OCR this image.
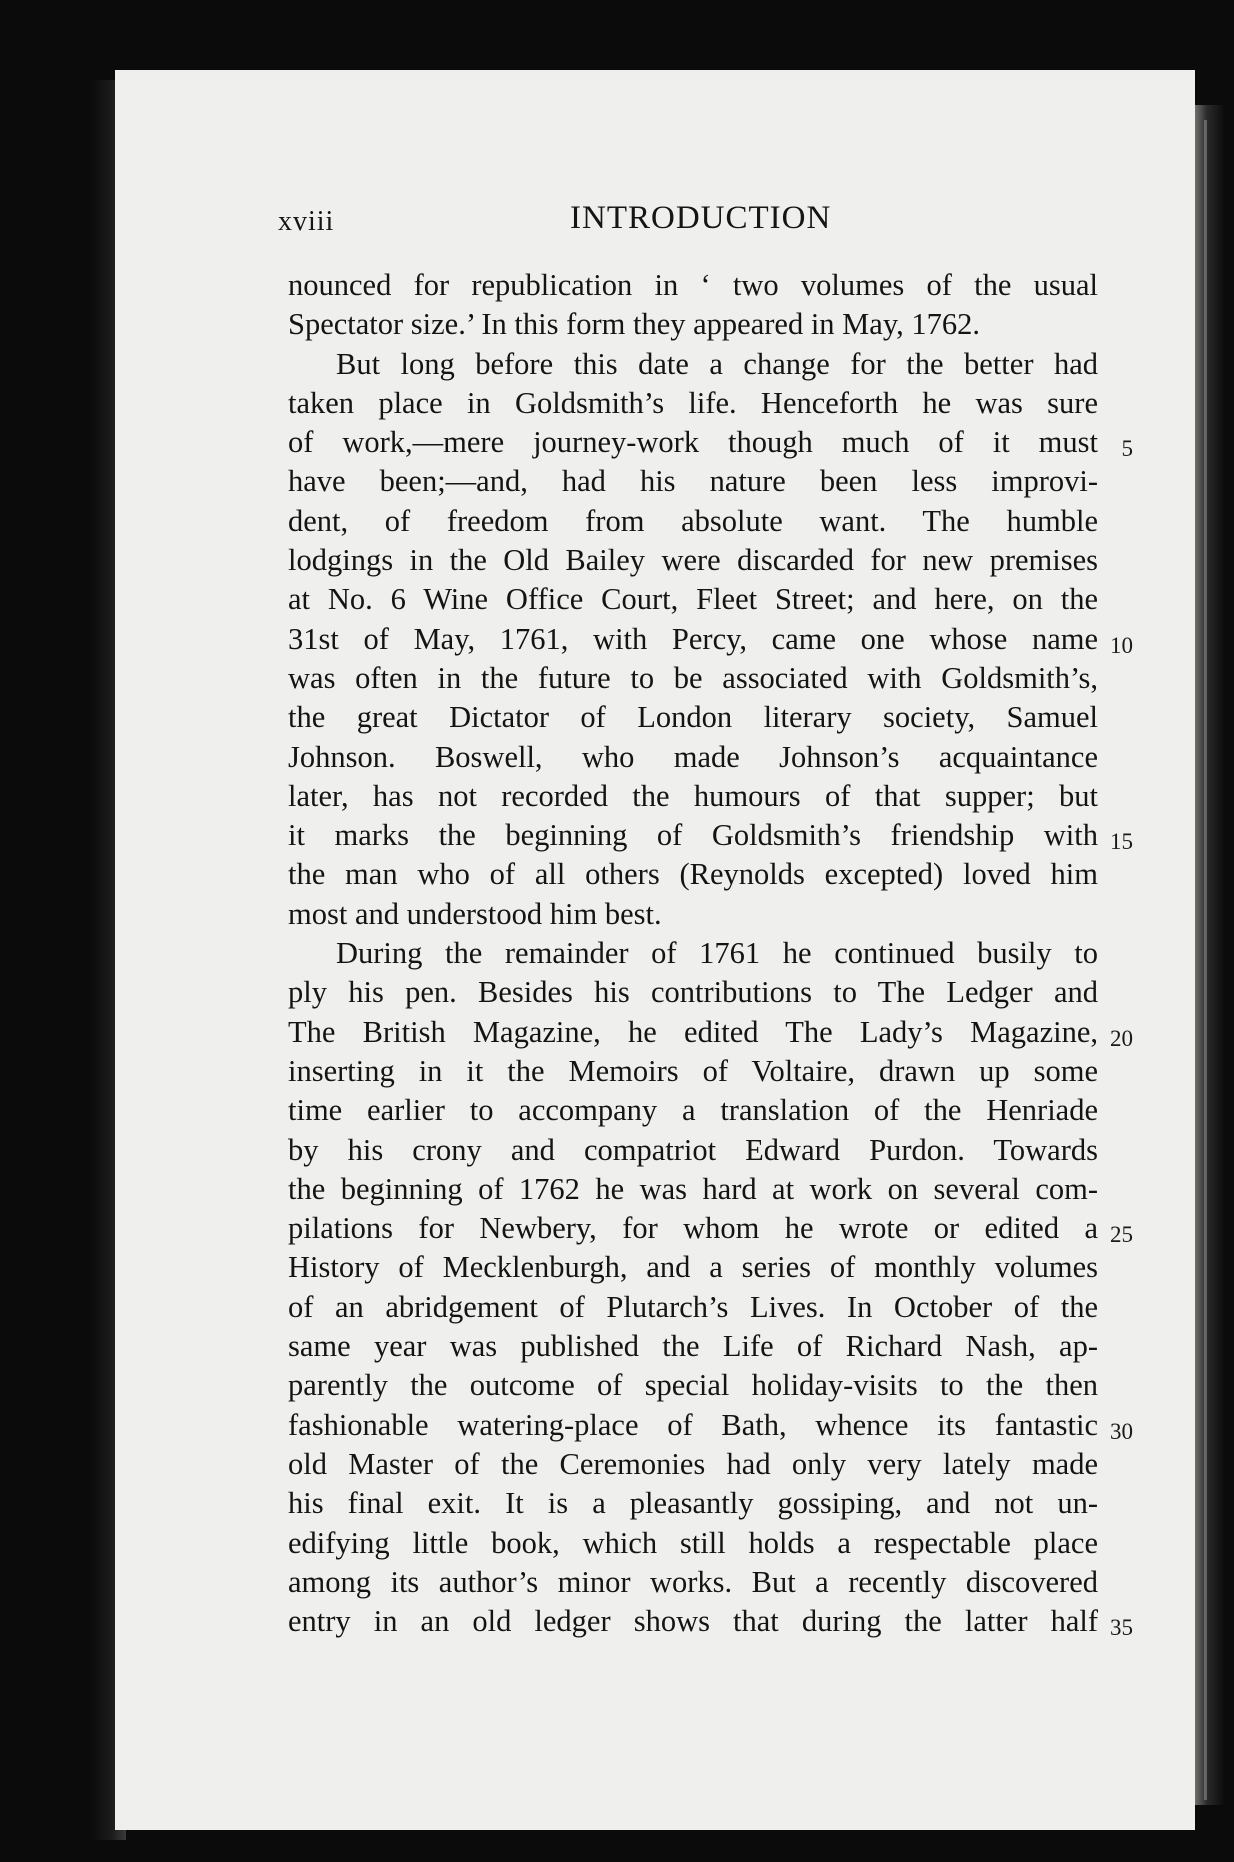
xviii	INTRODUCTION
nounced for republication in ‘ two volumes of the usual
Spectator size.’ In this form they appeared in May, 1762.
But long before this date a change for the better had
taken place in Goldsmith’s life. Henceforth he was sure
of work,—mere journey-work though much of it must 5
have been;—and, had his nature been less improvi-
dent, of freedom from absolute want. The humble
lodgings in the Old Bailey were discarded for new premises
at No. 6 Wine Office Court, Fleet Street; and here, on the
31st of May, 1761, with Percy, came one whose name 10
was often in the future to be associated with Goldsmith’s,
the great Dictator of London literary society, Samuel
Johnson. Boswell, who made Johnson’s acquaintance
later, has not recorded the humours of that supper; but
it marks the beginning of Goldsmith’s friendship with 15
the man who of all others (Reynolds excepted) loved him
most and understood him best.
During the remainder of 1761 he continued busily to
ply his pen. Besides his contributions to The Ledger and
The British Magazine, he edited The Lady’s Magazine, 20
inserting in it the Memoirs of Voltaire, drawn up some
time earlier to accompany a translation of the Henriade
by his crony and compatriot Edward Purdon. Towards
the beginning of 1762 he was hard at work on several com-
pilations for Newbery, for whom he wrote or edited a 25
History of Mecklenburgh, and a series of monthly volumes
of an abridgement of Plutarch’s Lives. In October of the
same year was published the Life of Richard Nash, ap-
parently the outcome of special holiday-visits to the then
fashionable watering-place of Bath, whence its fantastic 30
old Master of the Ceremonies had only very lately made
his final exit. It is a pleasantly gossiping, and not un-
edifying little book, which still holds a respectable place
among its author’s minor works. But a recently discovered
entry in an old ledger shows that during the latter half 35
